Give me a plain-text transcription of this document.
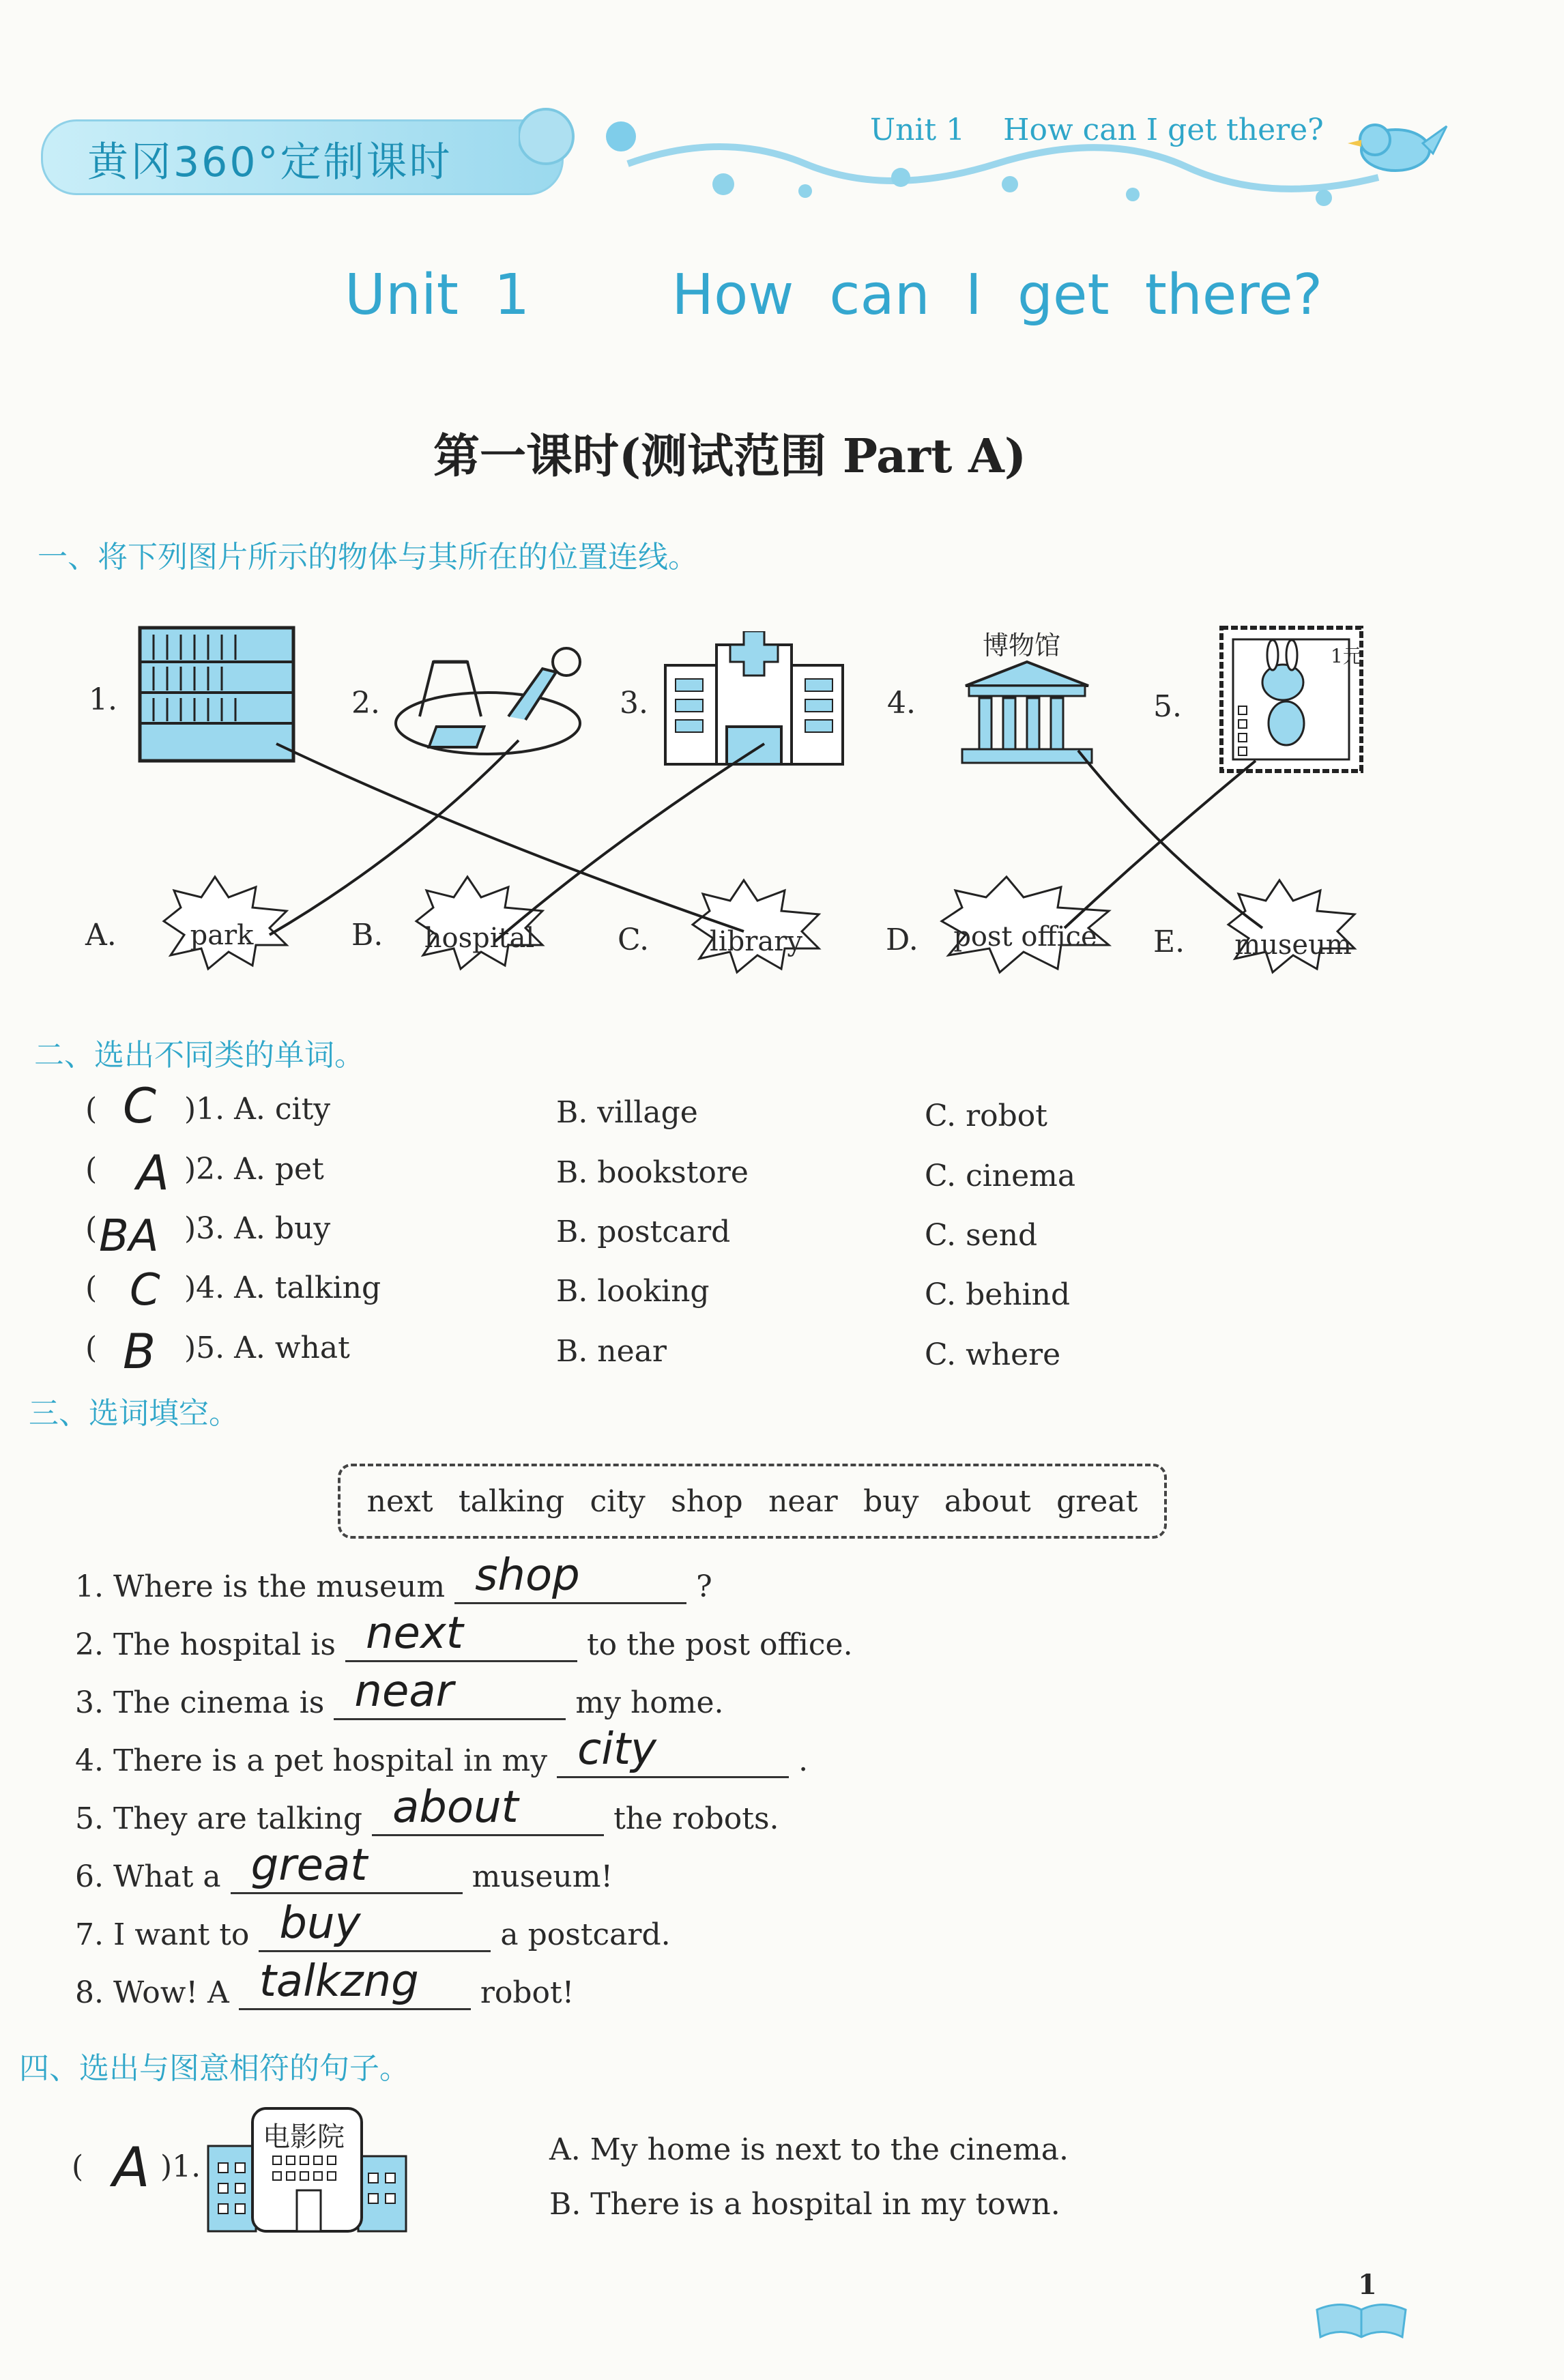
黄冈360°定制课时
Unit 1    How can I get there?
Unit 1    How can I get there?
第一课时(测试范围 Part A)
一、将下列图片所示的物体与其所在的位置连线。
1.	2.	3.	4.
博物馆
5.
1元
A.	park	B. hospital	C.	library	D.	post office E. museum
二、选出不同类的单词。
( C )1. A. city	B. village	C. robot
( A )2. A. pet	B. bookstore	C. cinema
( BA )3. A. buy	B. postcard	C. send
( C )4. A. talking	B. looking	C. behind
( B )5. A. what	B. near	C. where
三、选词填空。
next talking city shop near buy about great
1. Where is the museum shop	?
2. The hospital is next	to the post office.
3. The cinema is near	my home.
4. There is a pet hospital in my city	.
5. They are talking about	the robots.
6. What a great	museum!
7. I want to buy	a postcard.
8. Wow! A talkzng robot!
四、选出与图意相符的句子。
( A )1.
电影院	A. My home is next to the cinema.
B. There is a hospital in my town.
1
